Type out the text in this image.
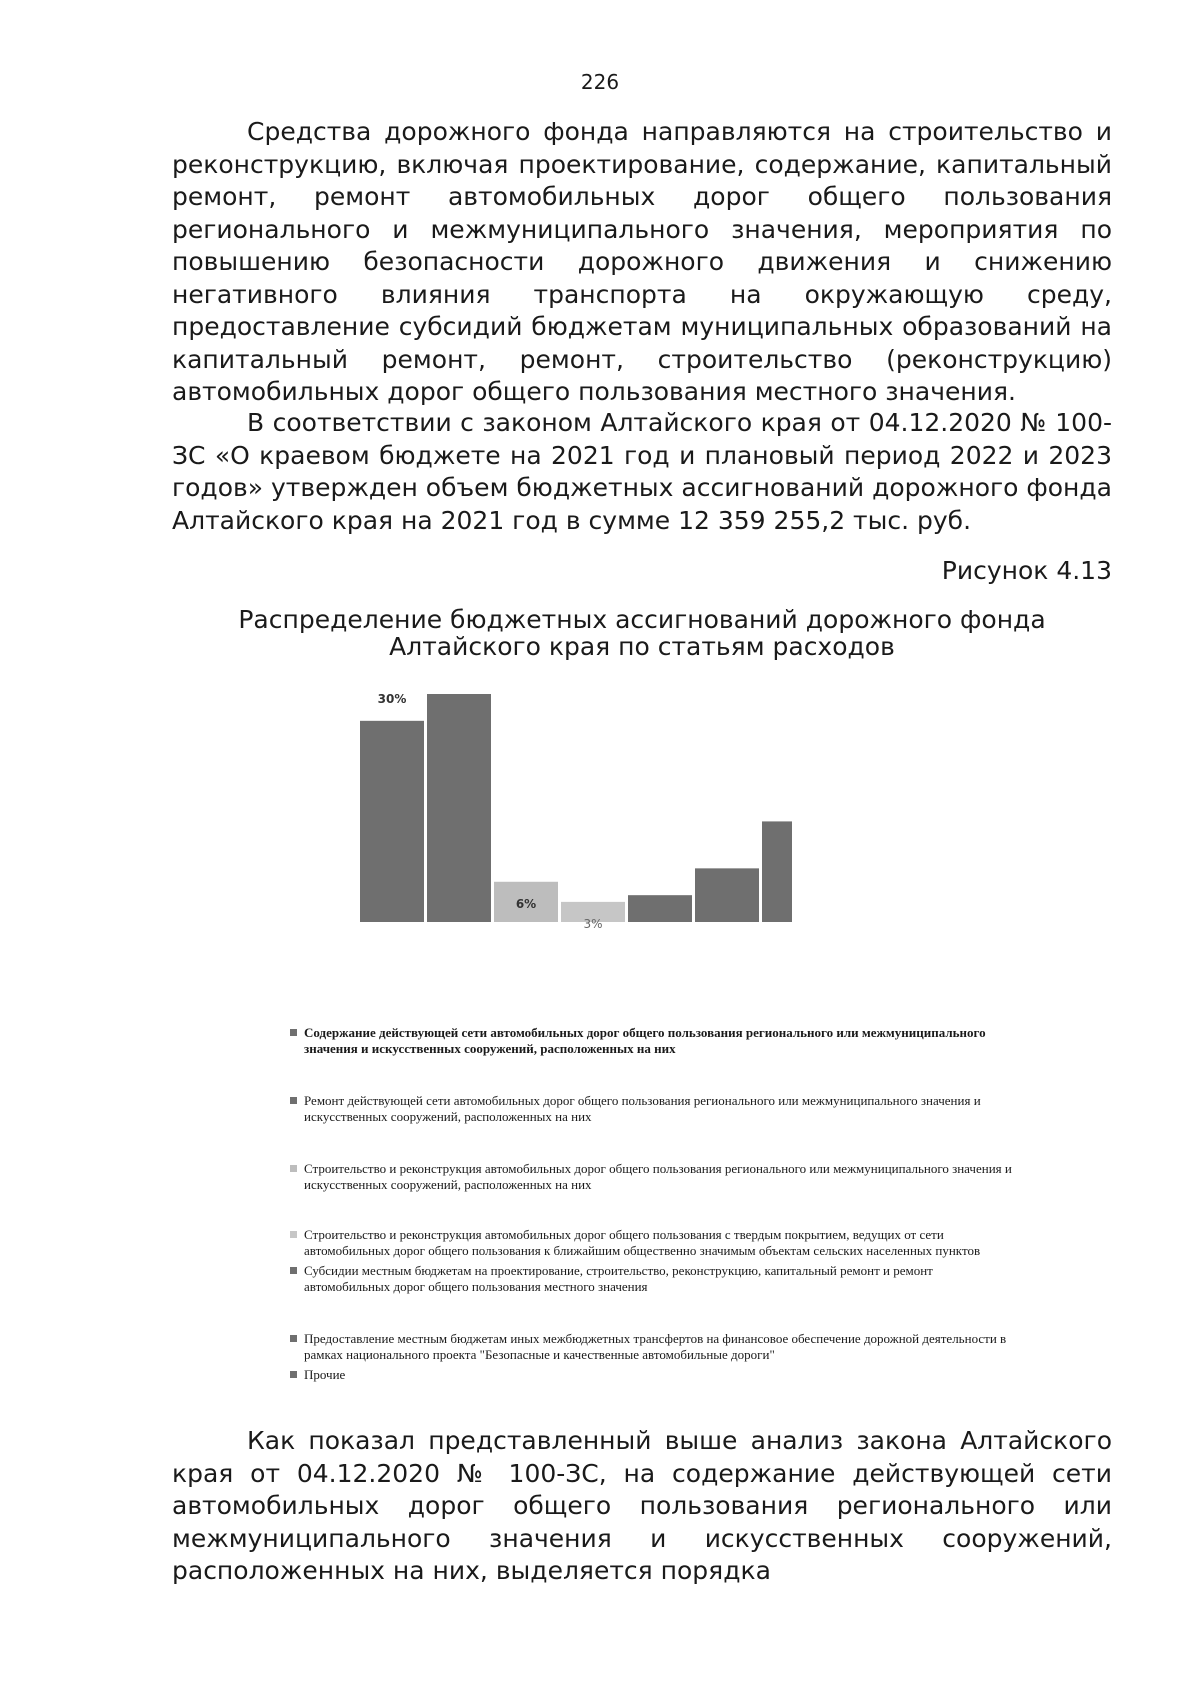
226

Средства дорожного фонда направляются на строительство и реконструкцию, включая проектирование, содержание, капитальный ремонт, ремонт автомобильных дорог общего пользования регионального и межмуниципального значения, мероприятия по повышению безопасности дорожного движения и снижению негативного влияния транспорта на окружающую среду, предоставление субсидий бюджетам муниципальных образований на капитальный ремонт, ремонт, строительство (реконструкцию) автомобильных дорог общего пользования местного значения.

В соответствии с законом Алтайского края от 04.12.2020 № 100-ЗС «О краевом бюджете на 2021 год и плановый период 2022 и 2023 годов» утвержден объем бюджетных ассигнований дорожного фонда Алтайского края на 2021 год в сумме 12 359 255,2 тыс. руб.

Рисунок 4.13
Распределение бюджетных ассигнований дорожного фонда Алтайского края по статьям расходов
30%
6%
3%
Содержание действующей сети автомобильных дорог общего пользования регионального или межмуниципального значения и искусственных сооружений, расположенных на них
Ремонт действующей сети автомобильных дорог общего пользования регионального или межмуниципального значения и искусственных сооружений, расположенных на них
Строительство и реконструкция автомобильных дорог общего пользования регионального или межмуниципального значения и искусственных сооружений, расположенных на них
Строительство и реконструкция автомобильных дорог общего пользования с твердым покрытием, ведущих от сети автомобильных дорог общего пользования к ближайшим общественно значимым объектам сельских населенных пунктов
Субсидии местным бюджетам на проектирование, строительство, реконструкцию, капитальный ремонт и ремонт автомобильных дорог общего пользования местного значения
Предоставление местным бюджетам иных межбюджетных трансфертов на финансовое обеспечение дорожной деятельности в рамках национального проекта "Безопасные и качественные автомобильные дороги"
Прочие

Как показал представленный выше анализ закона Алтайского края от 04.12.2020 № 100-ЗС, на содержание действующей сети автомобильных дорог общего пользования регионального или межмуниципального значения и искусственных сооружений, расположенных на них, выделяется порядка
